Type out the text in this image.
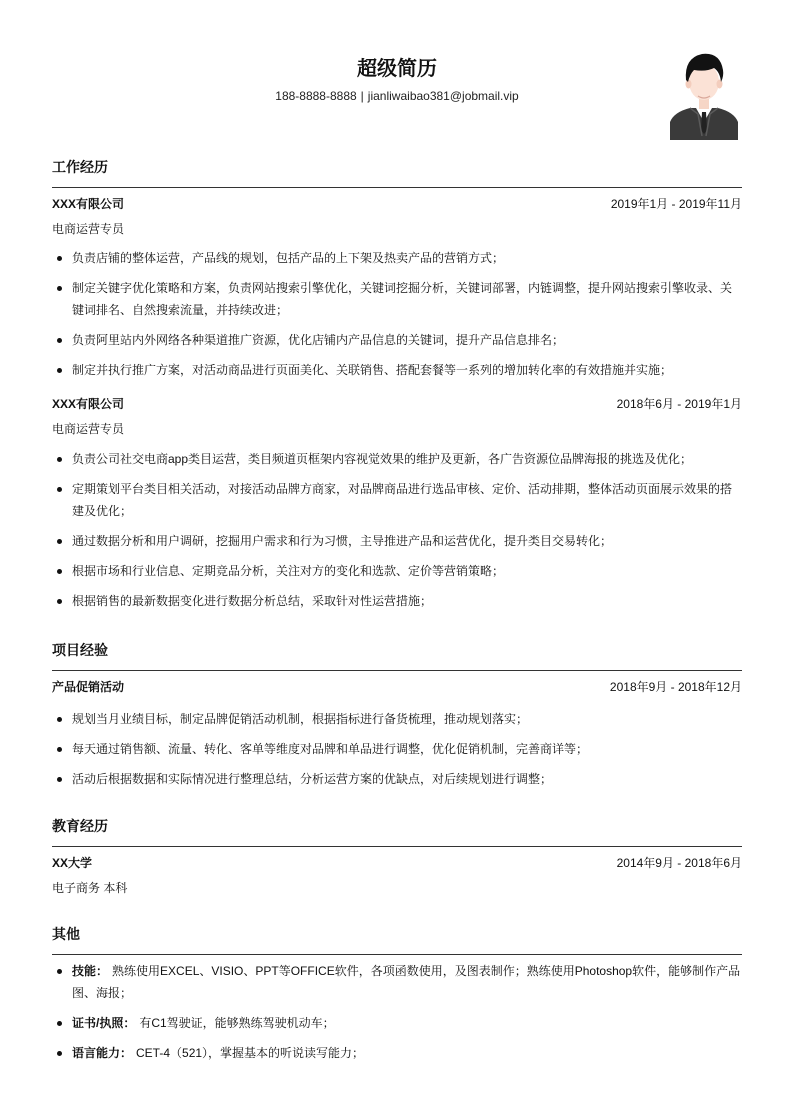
超级简历
188-8888-8888 | jianliwaibao381@jobmail.vip
工作经历
XXX有限公司	2019年1月 - 2019年11月
电商运营专员
负责店铺的整体运营，产品线的规划，包括产品的上下架及热卖产品的营销方式；
制定关键字优化策略和方案，负责网站搜索引擎优化，关键词挖掘分析，关键词部署，内链调整，提升网站搜索引擎收录、关键词排名、自然搜索流量，并持续改进；
负责阿里站内外网络各种渠道推广资源，优化店铺内产品信息的关键词，提升产品信息排名；
制定并执行推广方案，对活动商品进行页面美化、关联销售、搭配套餐等一系列的增加转化率的有效措施并实施；
XXX有限公司	2018年6月 - 2019年1月
电商运营专员
负责公司社交电商app类目运营，类目频道页框架内容视觉效果的维护及更新，各广告资源位品牌海报的挑选及优化；
定期策划平台类目相关活动，对接活动品牌方商家，对品牌商品进行选品审核、定价、活动排期，整体活动页面展示效果的搭建及优化；
通过数据分析和用户调研，挖掘用户需求和行为习惯，主导推进产品和运营优化，提升类目交易转化；
根据市场和行业信息、定期竞品分析，关注对方的变化和选款、定价等营销策略；
根据销售的最新数据变化进行数据分析总结，采取针对性运营措施；
项目经验
产品促销活动	2018年9月 - 2018年12月
规划当月业绩目标，制定品牌促销活动机制，根据指标进行备货梳理，推动规划落实；
每天通过销售额、流量、转化、客单等维度对品牌和单品进行调整，优化促销机制，完善商详等；
活动后根据数据和实际情况进行整理总结，分析运营方案的优缺点，对后续规划进行调整；
教育经历
XX大学	2014年9月 - 2018年6月
电子商务 本科
其他
技能： 熟练使用EXCEL、VISIO、PPT等OFFICE软件，各项函数使用，及图表制作；熟练使用Photoshop软件，能够制作产品图、海报；
证书/执照： 有C1驾驶证，能够熟练驾驶机动车；
语言能力： CET-4（521），掌握基本的听说读写能力；
